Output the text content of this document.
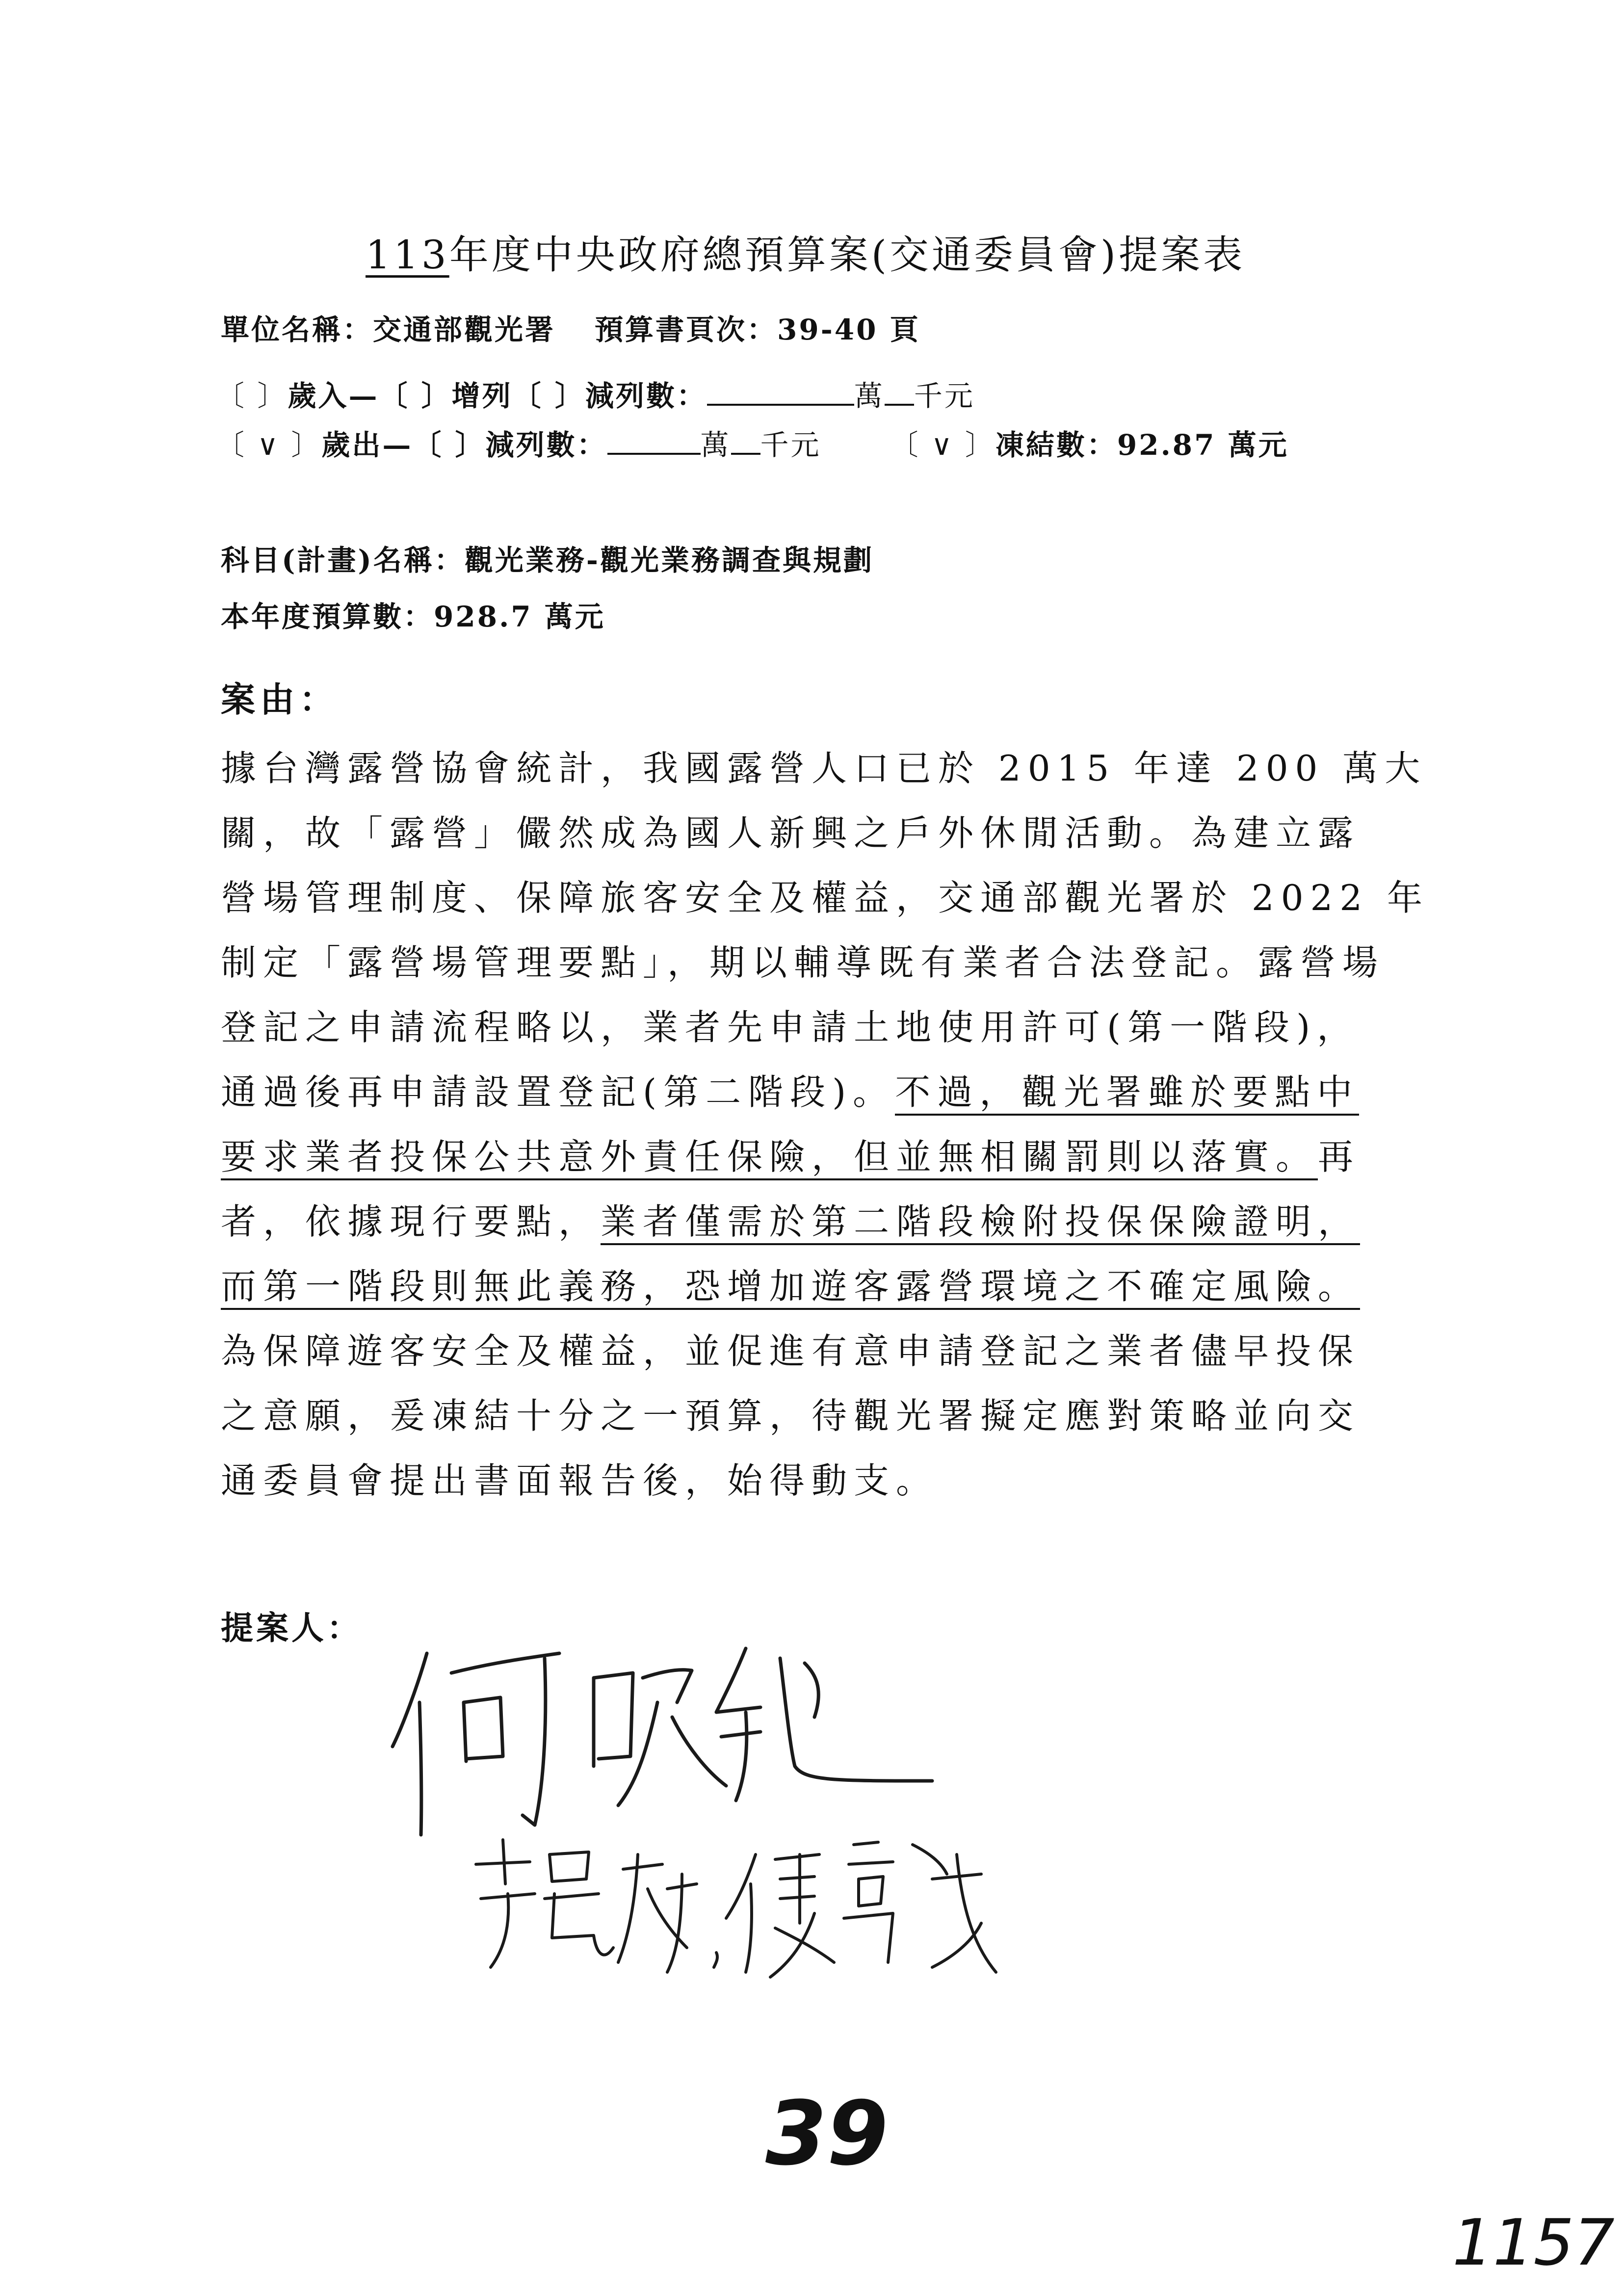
113年度中央政府總預算案(交通委員會)提案表
單位名稱：交通部觀光署 預算書頁次：39-40 頁
〔 〕歲入—〔 〕增列〔 〕減列數：	萬 千元
〔 ∨ 〕歲出—〔 〕減列數：	萬 千元 〔 ∨ 〕凍結數：92.87 萬元
科目(計畫)名稱：觀光業務-觀光業務調查與規劃
本年度預算數：928.7 萬元
案由：

據台灣露營協會統計，我國露營人口已於 2015 年達 200 萬大

關，故「露營」儼然成為國人新興之戶外休閒活動。為建立露

營場管理制度、保障旅客安全及權益，交通部觀光署於 2022 年

制定「露營場管理要點」，期以輔導既有業者合法登記。露營場

登記之申請流程略以，業者先申請土地使用許可(第一階段)，

通過後再申請設置登記(第二階段)。不過，觀光署雖於要點中

要求業者投保公共意外責任保險，但並無相關罰則以落實。再

者，依據現行要點，業者僅需於第二階段檢附投保保險證明，

而第一階段則無此義務，恐增加遊客露營環境之不確定風險。

為保障遊客安全及權益，並促進有意申請登記之業者儘早投保

之意願，爰凍結十分之一預算，待觀光署擬定應對策略並向交

通委員會提出書面報告後，始得動支。

提案人：
39
1157
